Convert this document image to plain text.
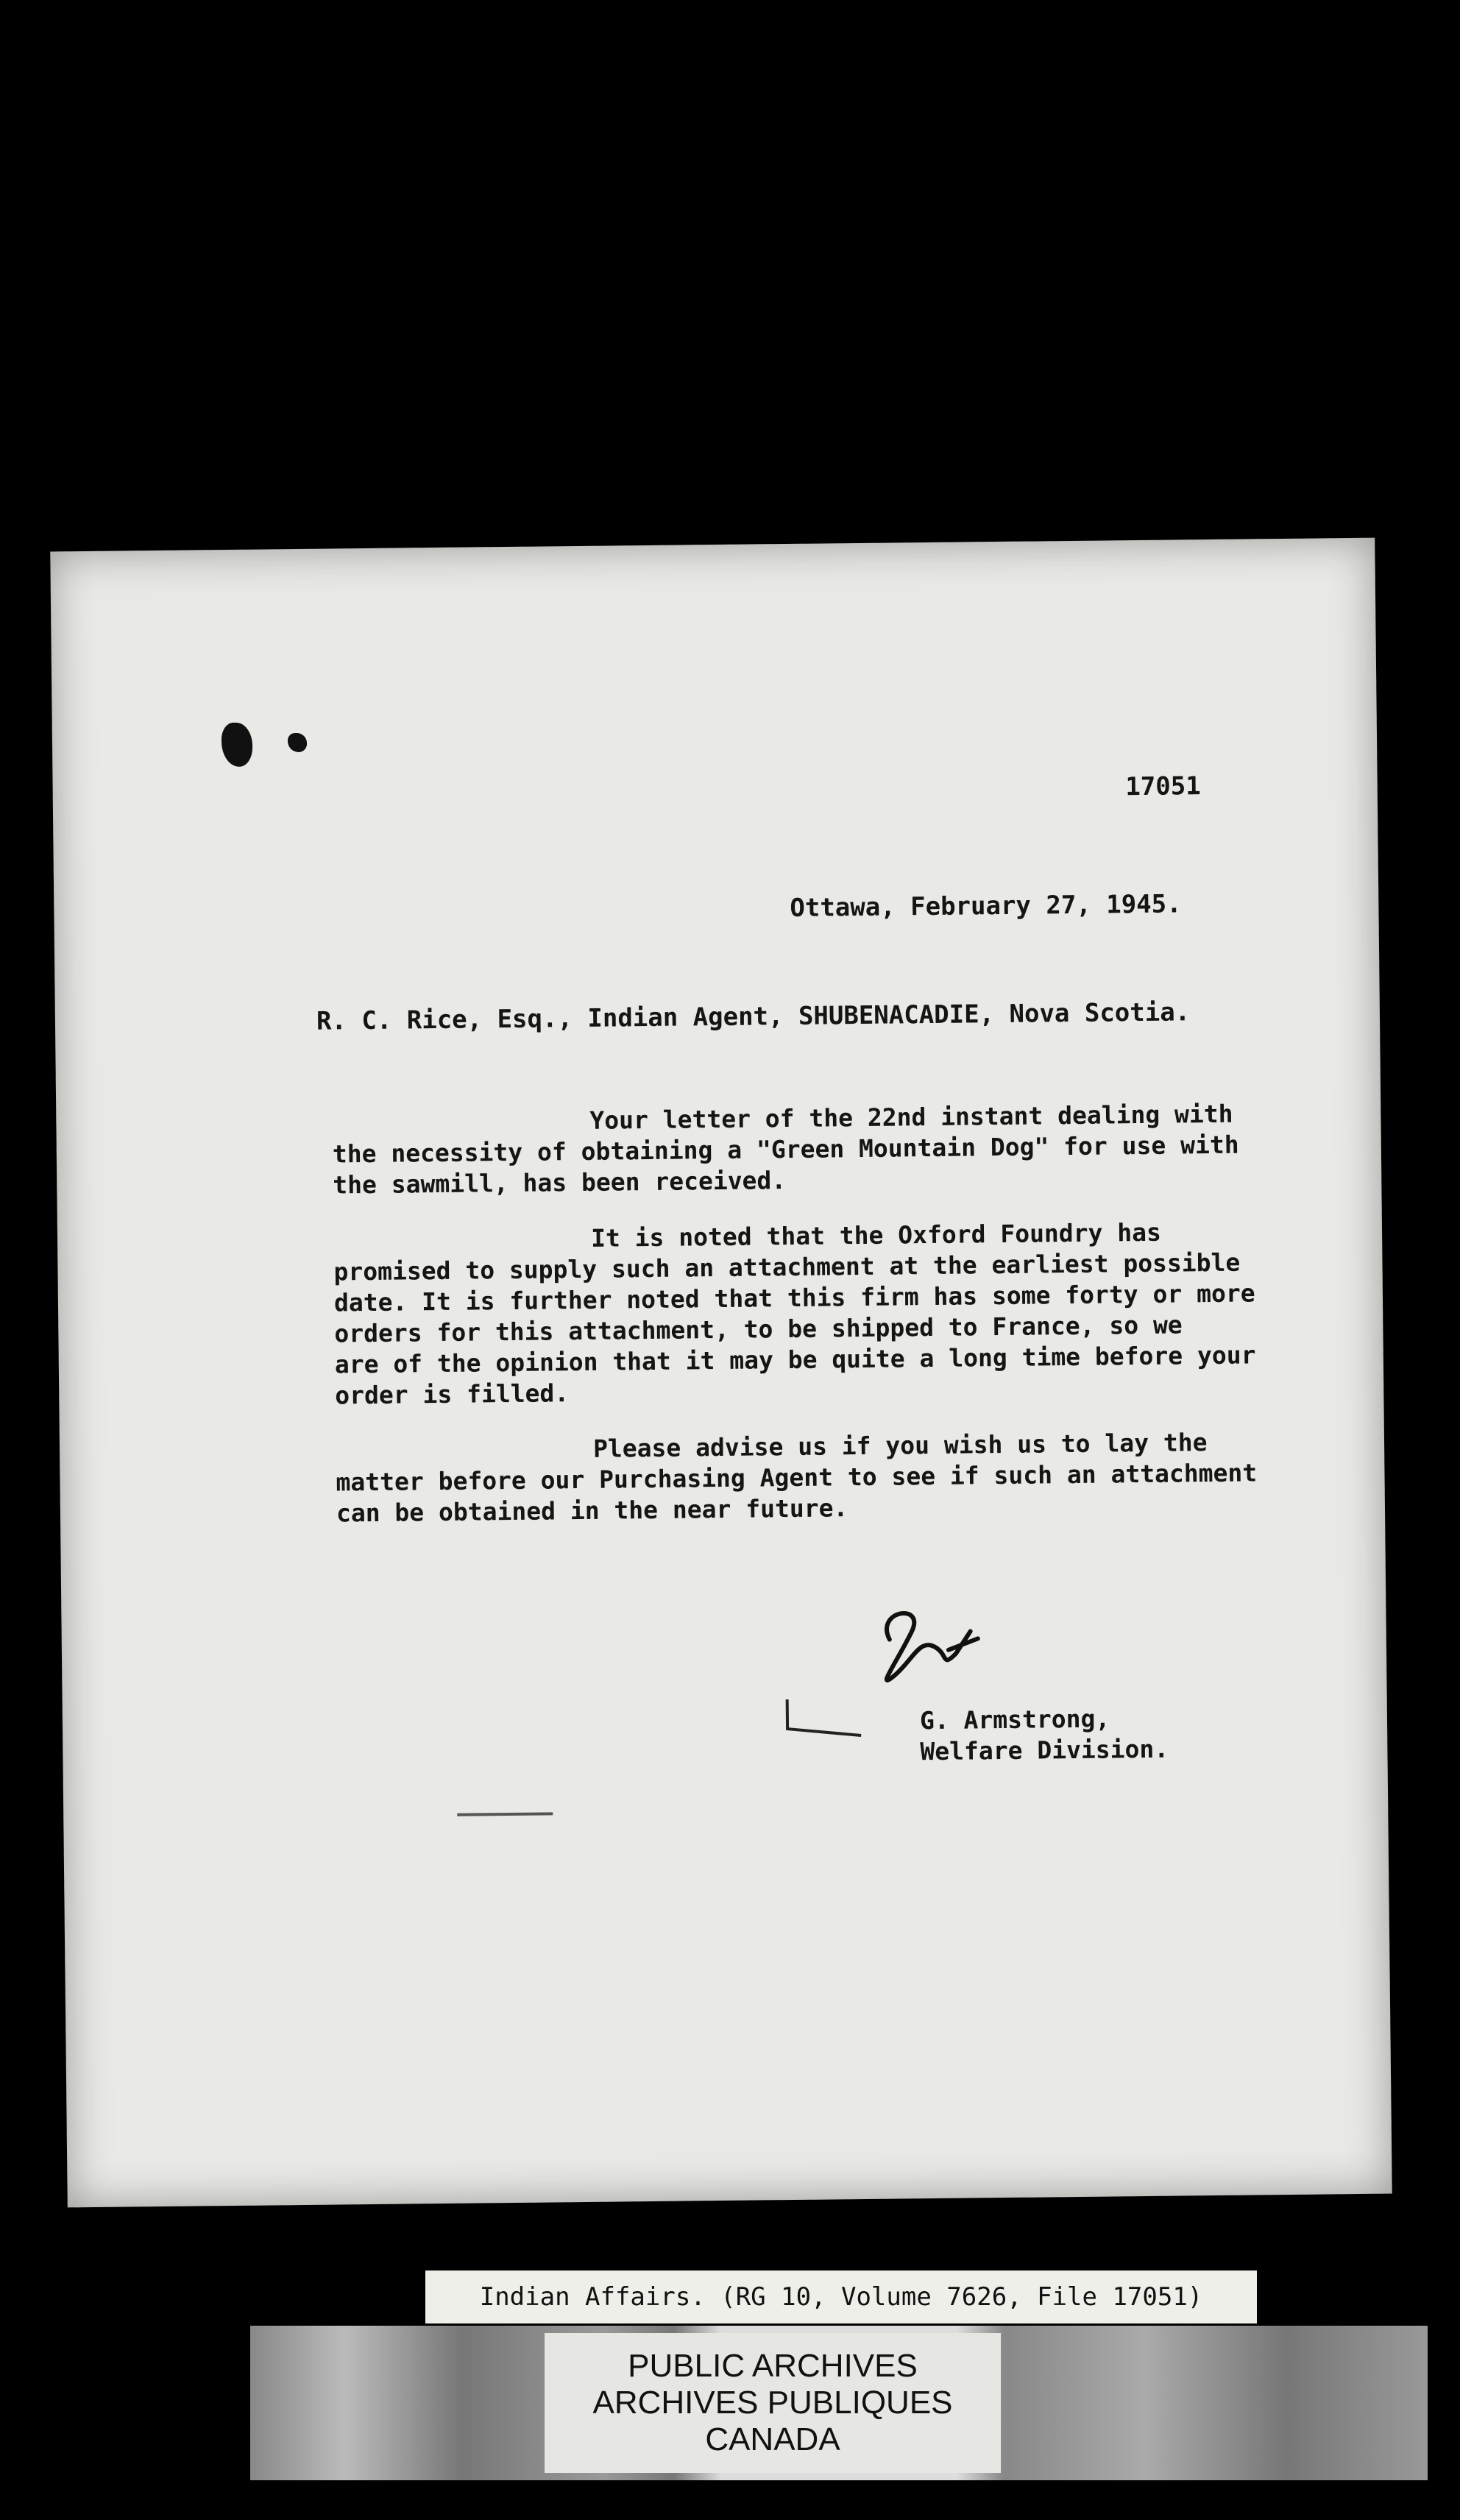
17051
Ottawa, February 27, 1945.
R. C. Rice, Esq., Indian Agent, SHUBENACADIE, Nova Scotia.

Your letter of the 22nd instant dealing with
the necessity of obtaining a "Green Mountain Dog" for use with
the sawmill, has been received.

It is noted that the Oxford Foundry has
promised to supply such an attachment at the earliest possible
date. It is further noted that this firm has some forty or more
orders for this attachment, to be shipped to France, so we
are of the opinion that it may be quite a long time before your
order is filled.

Please advise us if you wish us to lay the
matter before our Purchasing Agent to see if such an attachment
can be obtained in the near future.

G. Armstrong,
Welfare Division.
Indian Affairs. (RG 10, Volume 7626, File 17051)
PUBLIC ARCHIVES
ARCHIVES PUBLIQUES
CANADA
